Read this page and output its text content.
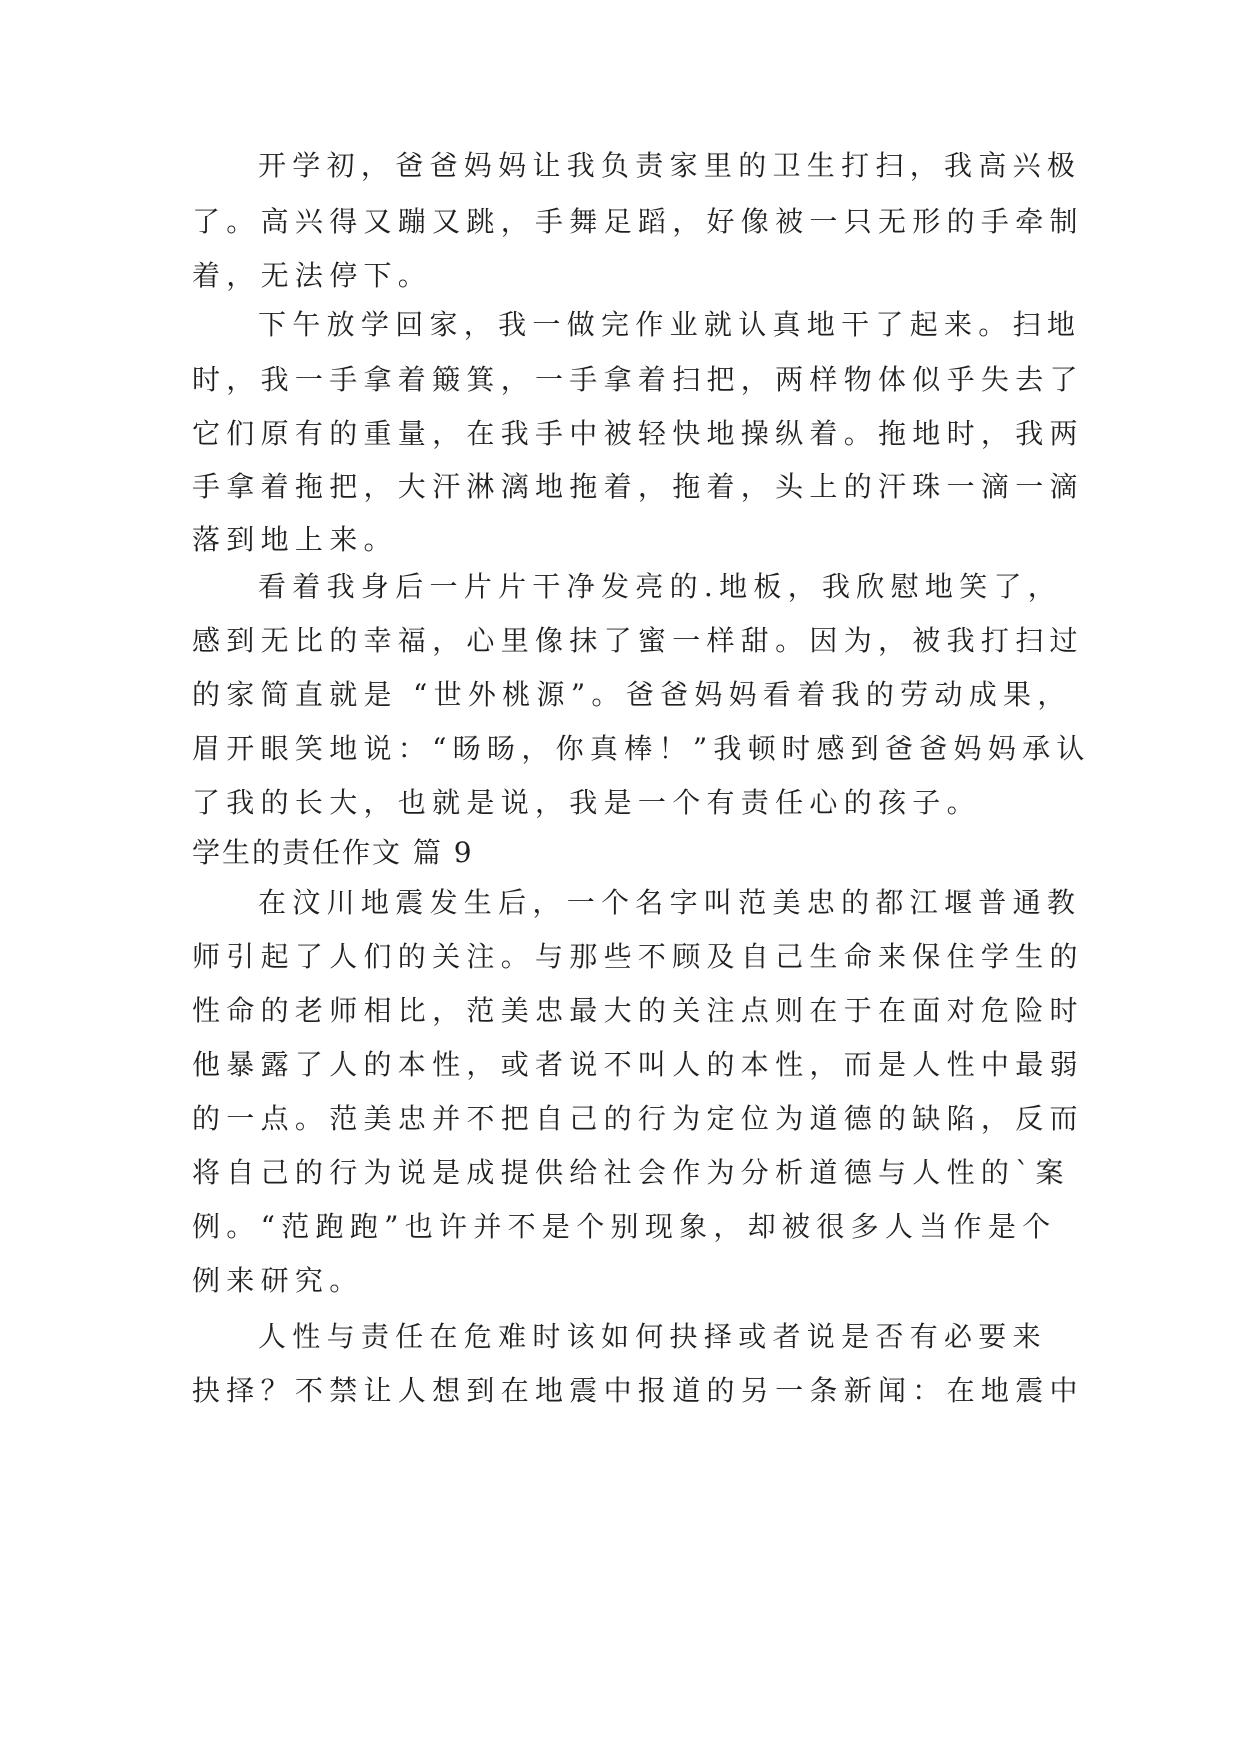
开学初，爸爸妈妈让我负责家里的卫生打扫，我高兴极
了。高兴得又蹦又跳，手舞足蹈，好像被一只无形的手牵制
着，无法停下。
下午放学回家，我一做完作业就认真地干了起来。扫地
时，我一手拿着簸箕，一手拿着扫把，两样物体似乎失去了
它们原有的重量，在我手中被轻快地操纵着。拖地时，我两
手拿着拖把，大汗淋漓地拖着，拖着，头上的汗珠一滴一滴
落到地上来。
看着我身后一片片干净发亮的.地板，我欣慰地笑了，
感到无比的幸福，心里像抹了蜜一样甜。因为，被我打扫过
的家简直就是 “世外桃源”。爸爸妈妈看着我的劳动成果，
眉开眼笑地说：“旸旸，你真棒！”我顿时感到爸爸妈妈承认
了我的长大，也就是说，我是一个有责任心的孩子。
学生的责任作文 篇 9
在汶川地震发生后，一个名字叫范美忠的都江堰普通教
师引起了人们的关注。与那些不顾及自己生命来保住学生的
性命的老师相比，范美忠最大的关注点则在于在面对危险时
他暴露了人的本性，或者说不叫人的本性，而是人性中最弱
的一点。范美忠并不把自己的行为定位为道德的缺陷，反而
将自己的行为说是成提供给社会作为分析道德与人性的`案
例。“范跑跑”也许并不是个别现象，却被很多人当作是个
例来研究。
人性与责任在危难时该如何抉择或者说是否有必要来
抉择？不禁让人想到在地震中报道的另一条新闻：在地震中
